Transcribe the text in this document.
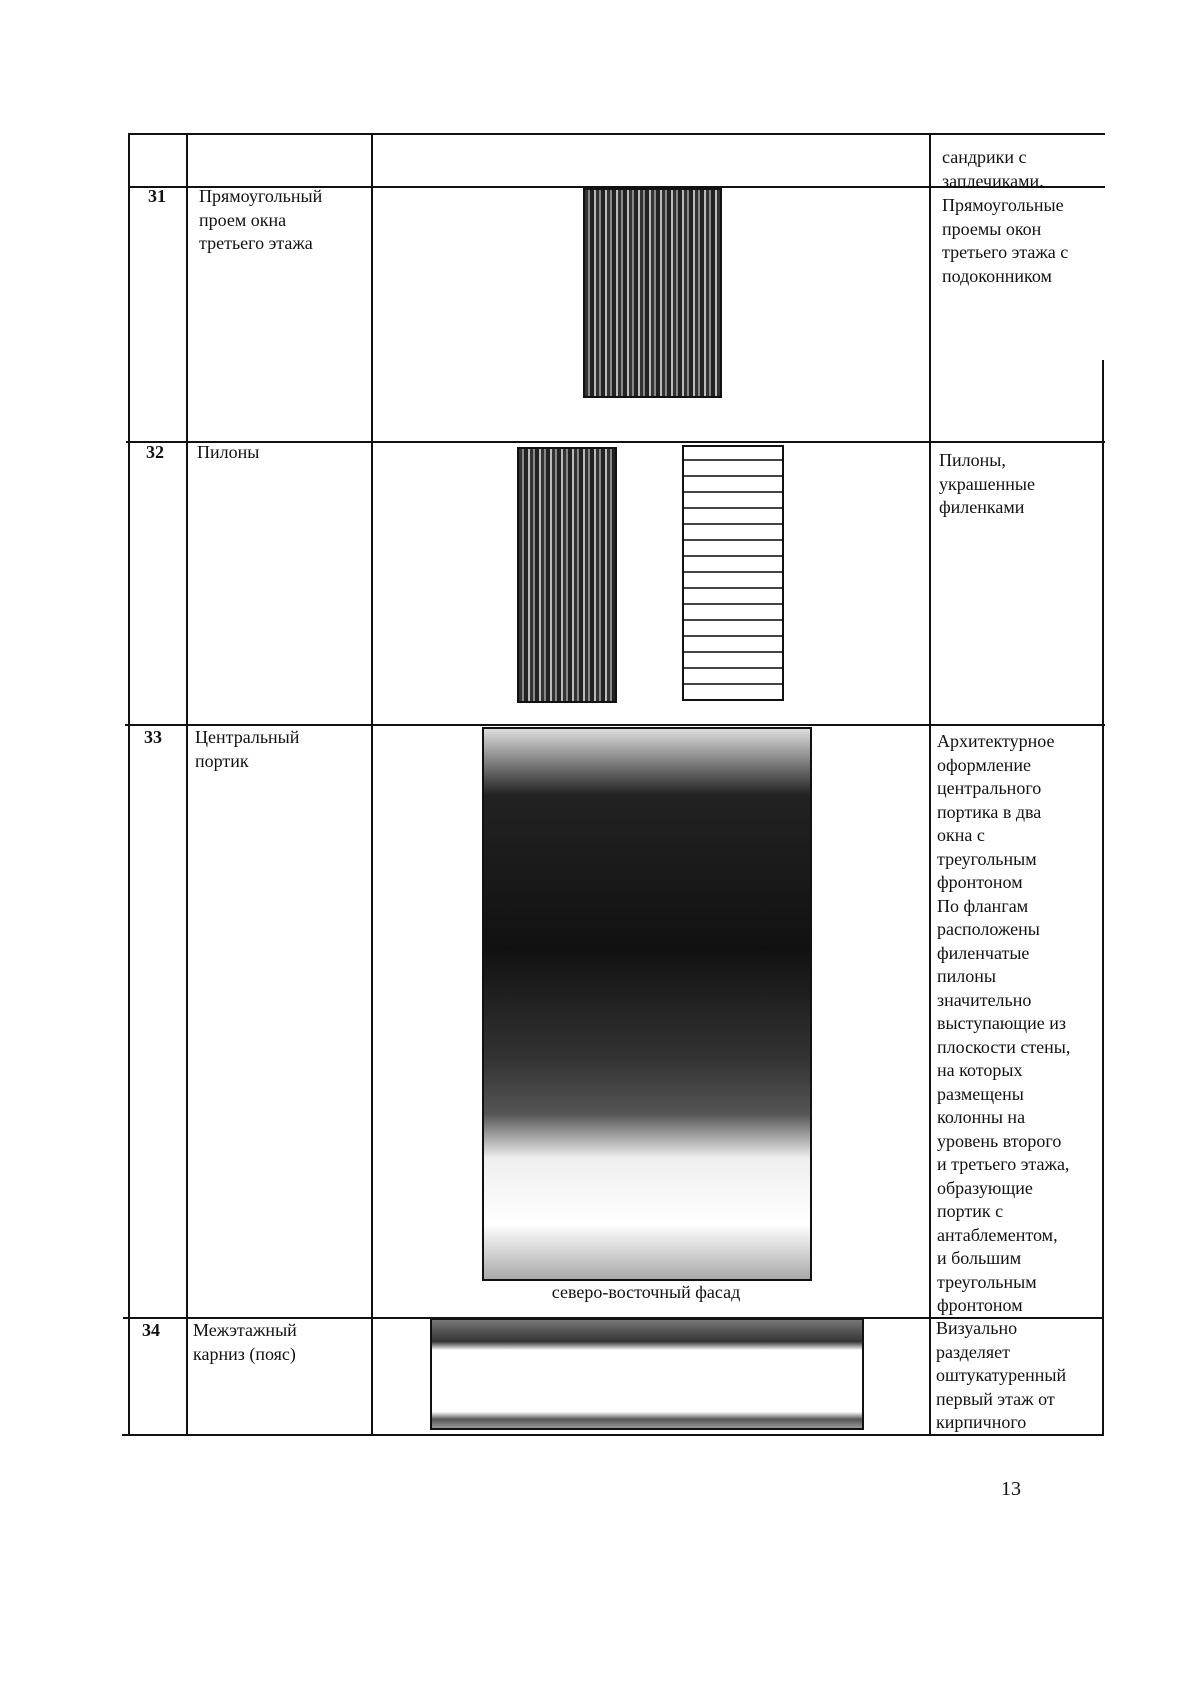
сандрики с
заплечиками.
31 Прямоугольный
проем окна
третьего этажа
Прямоугольные
проемы окон
третьего этажа с
подоконником
32 Пилоны	Пилоны,
украшенные
филенками
33 Центральный
портик
северо-восточный фасад
Архитектурное
оформление
центрального
портика в два
окна с
треугольным
фронтоном
По флангам
расположены
филенчатые
пилоны
значительно
выступающие из
плоскости стены,
на которых
размещены
колонны на
уровень второго
и третьего этажа,
образующие
портик с
антаблементом,
и большим
треугольным
фронтоном
34 Межэтажный
карниз (пояс)
Визуально
разделяет
оштукатуренный
первый этаж от
кирпичного
13
